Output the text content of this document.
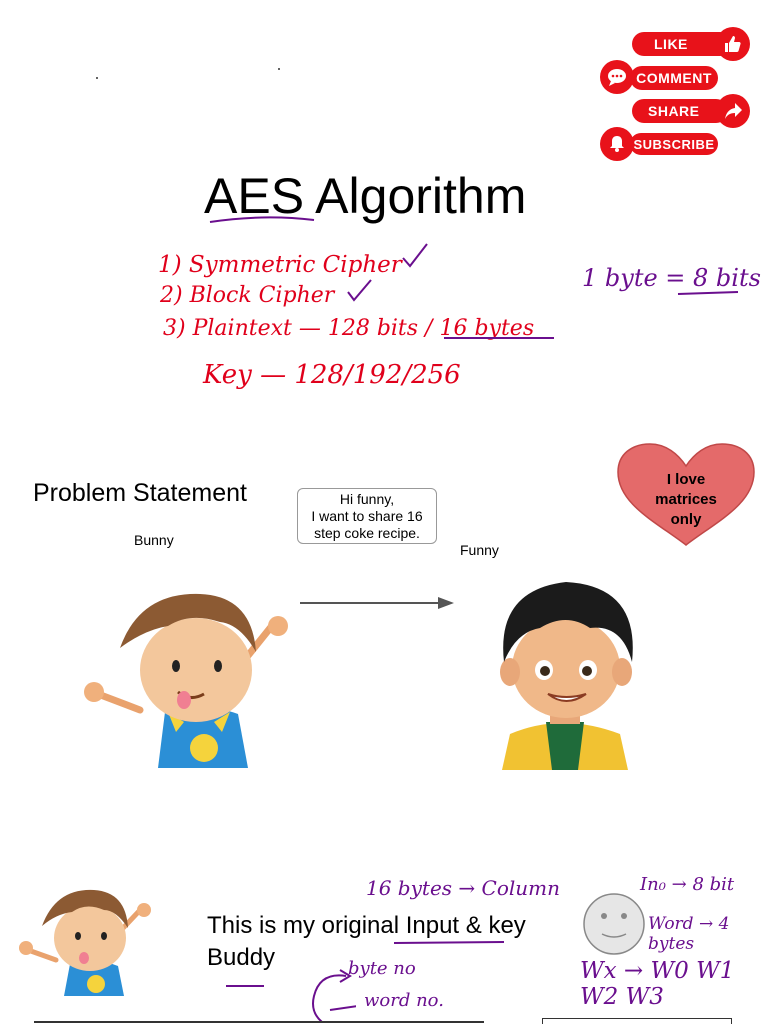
LIKE
COMMENT
SHARE
SUBSCRIBE
AES Algorithm
1) Symmetric Cipher
2) Block Cipher
3) Plaintext — 128 bits / 16 bytes
Key — 128/192/256
1 byte = 8 bits
Problem Statement
Bunny
Funny
Hi funny,
I want to share 16
step coke recipe.
I love
matrices
only
This is my original Input & key
Buddy
16 bytes → Column
byte no
word no.
In₀ → 8 bit
Word → 4 bytes
Wx → W0 W1 W2 W3
